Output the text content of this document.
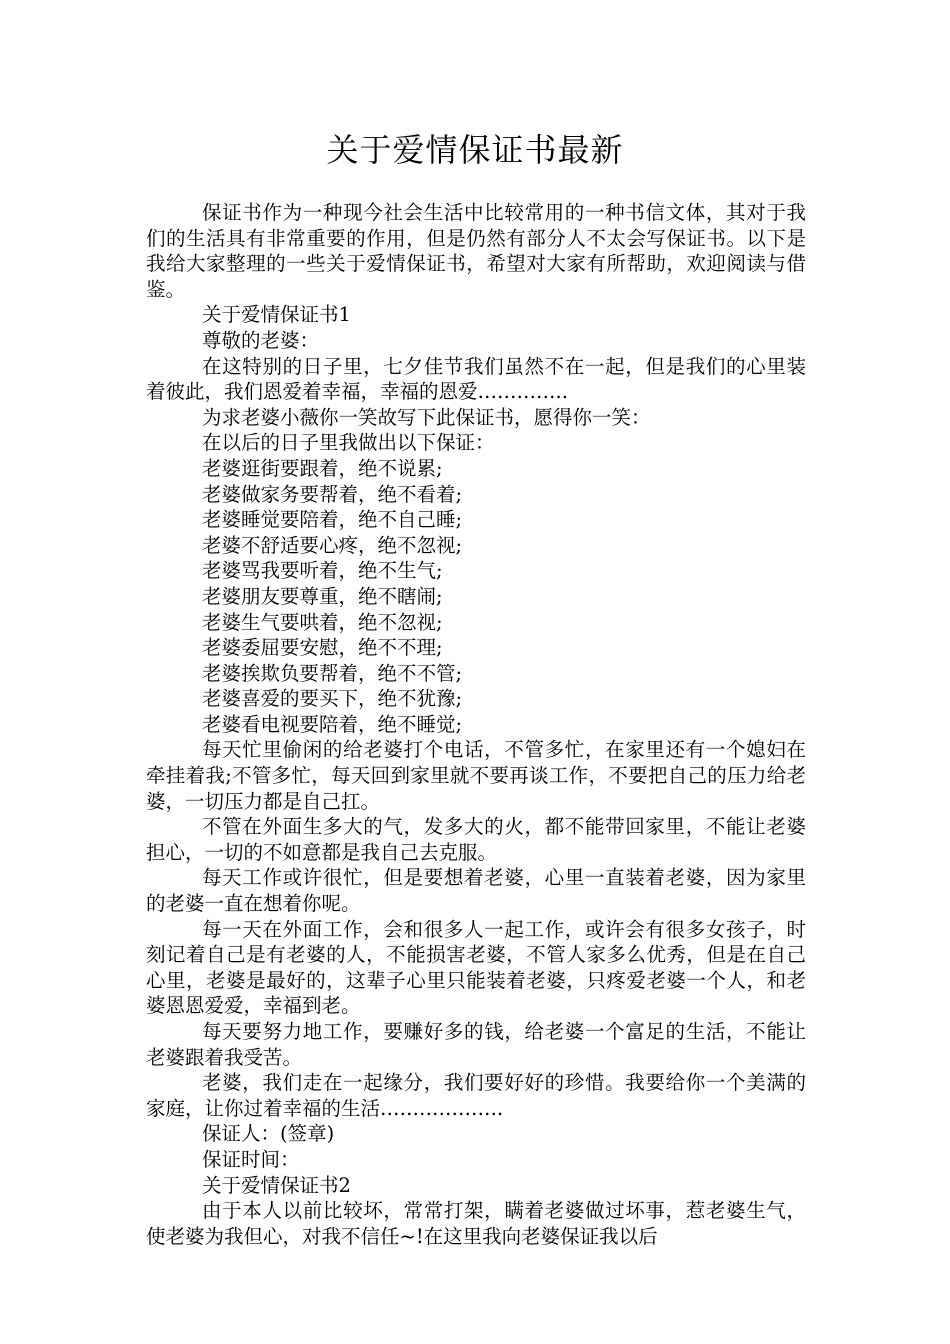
关于爱情保证书最新

保证书作为一种现今社会生活中比较常用的一种书信文体，其对于我们的生活具有非常重要的作用，但是仍然有部分人不太会写保证书。以下是我给大家整理的一些关于爱情保证书，希望对大家有所帮助，欢迎阅读与借鉴。

关于爱情保证书1

尊敬的老婆：

在这特别的日子里，七夕佳节我们虽然不在一起，但是我们的心里装着彼此，我们恩爱着幸福，幸福的恩爱…………..

为求老婆小薇你一笑故写下此保证书，愿得你一笑：

在以后的日子里我做出以下保证：

老婆逛街要跟着，绝不说累;

老婆做家务要帮着，绝不看着;

老婆睡觉要陪着，绝不自己睡;

老婆不舒适要心疼，绝不忽视;

老婆骂我要听着，绝不生气;

老婆朋友要尊重，绝不瞎闹;

老婆生气要哄着，绝不忽视;

老婆委屈要安慰，绝不不理;

老婆挨欺负要帮着，绝不不管;

老婆喜爱的要买下，绝不犹豫;

老婆看电视要陪着，绝不睡觉;

每天忙里偷闲的给老婆打个电话，不管多忙，在家里还有一个媳妇在牵挂着我;不管多忙，每天回到家里就不要再谈工作，不要把自己的压力给老婆，一切压力都是自己扛。

不管在外面生多大的气，发多大的火，都不能带回家里，不能让老婆担心，一切的不如意都是我自己去克服。

每天工作或许很忙，但是要想着老婆，心里一直装着老婆，因为家里的老婆一直在想着你呢。

每一天在外面工作，会和很多人一起工作，或许会有很多女孩子，时刻记着自己是有老婆的人，不能损害老婆，不管人家多么优秀，但是在自己心里，老婆是最好的，这辈子心里只能装着老婆，只疼爱老婆一个人，和老婆恩恩爱爱，幸福到老。

每天要努力地工作，要赚好多的钱，给老婆一个富足的生活，不能让老婆跟着我受苦。

老婆，我们走在一起缘分，我们要好好的珍惜。我要给你一个美满的家庭，让你过着幸福的生活……………….

保证人：(签章)

保证时间：

关于爱情保证书2

由于本人以前比较坏，常常打架，瞒着老婆做过坏事，惹老婆生气，使老婆为我但心，对我不信任~!在这里我向老婆保证我以后
